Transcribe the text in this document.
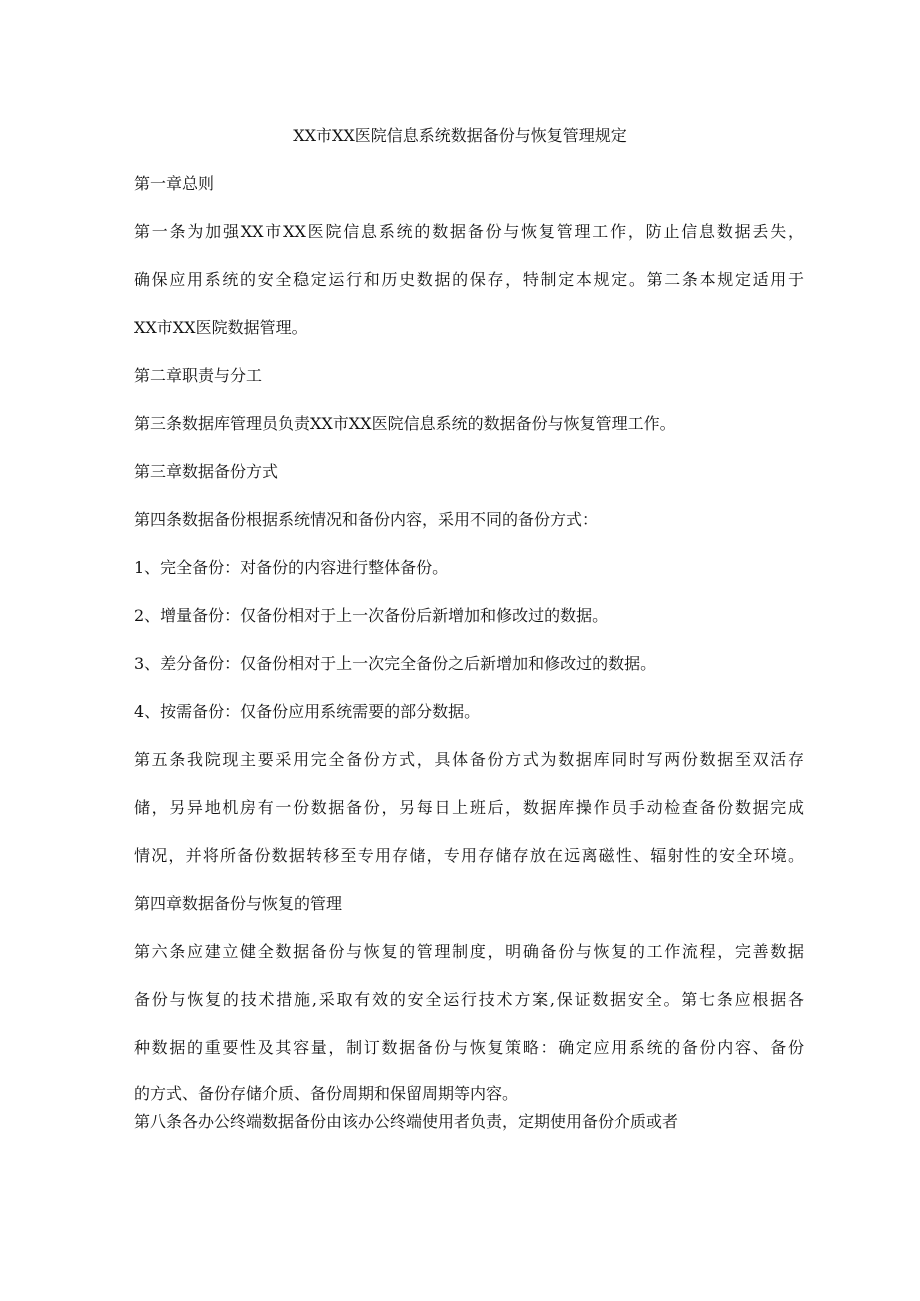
XX市XX医院信息系统数据备份与恢复管理规定
第一章总则
第一条为加强XX市XX医院信息系统的数据备份与恢复管理工作，防止信息数据丢失，
确保应用系统的安全稳定运行和历史数据的保存，特制定本规定。第二条本规定适用于
XX市XX医院数据管理。
第二章职责与分工
第三条数据库管理员负责XX市XX医院信息系统的数据备份与恢复管理工作。
第三章数据备份方式
第四条数据备份根据系统情况和备份内容，采用不同的备份方式：
1、完全备份：对备份的内容进行整体备份。
2、增量备份：仅备份相对于上一次备份后新增加和修改过的数据。
3、差分备份：仅备份相对于上一次完全备份之后新增加和修改过的数据。
4、按需备份：仅备份应用系统需要的部分数据。
第五条我院现主要采用完全备份方式，具体备份方式为数据库同时写两份数据至双活存
储，另异地机房有一份数据备份，另每日上班后，数据库操作员手动检查备份数据完成
情况，并将所备份数据转移至专用存储，专用存储存放在远离磁性、辐射性的安全环境。
第四章数据备份与恢复的管理
第六条应建立健全数据备份与恢复的管理制度，明确备份与恢复的工作流程，完善数据
备份与恢复的技术措施,采取有效的安全运行技术方案,保证数据安全。第七条应根据各
种数据的重要性及其容量，制订数据备份与恢复策略：确定应用系统的备份内容、备份
的方式、备份存储介质、备份周期和保留周期等内容。
第八条各办公终端数据备份由该办公终端使用者负责，定期使用备份介质或者
